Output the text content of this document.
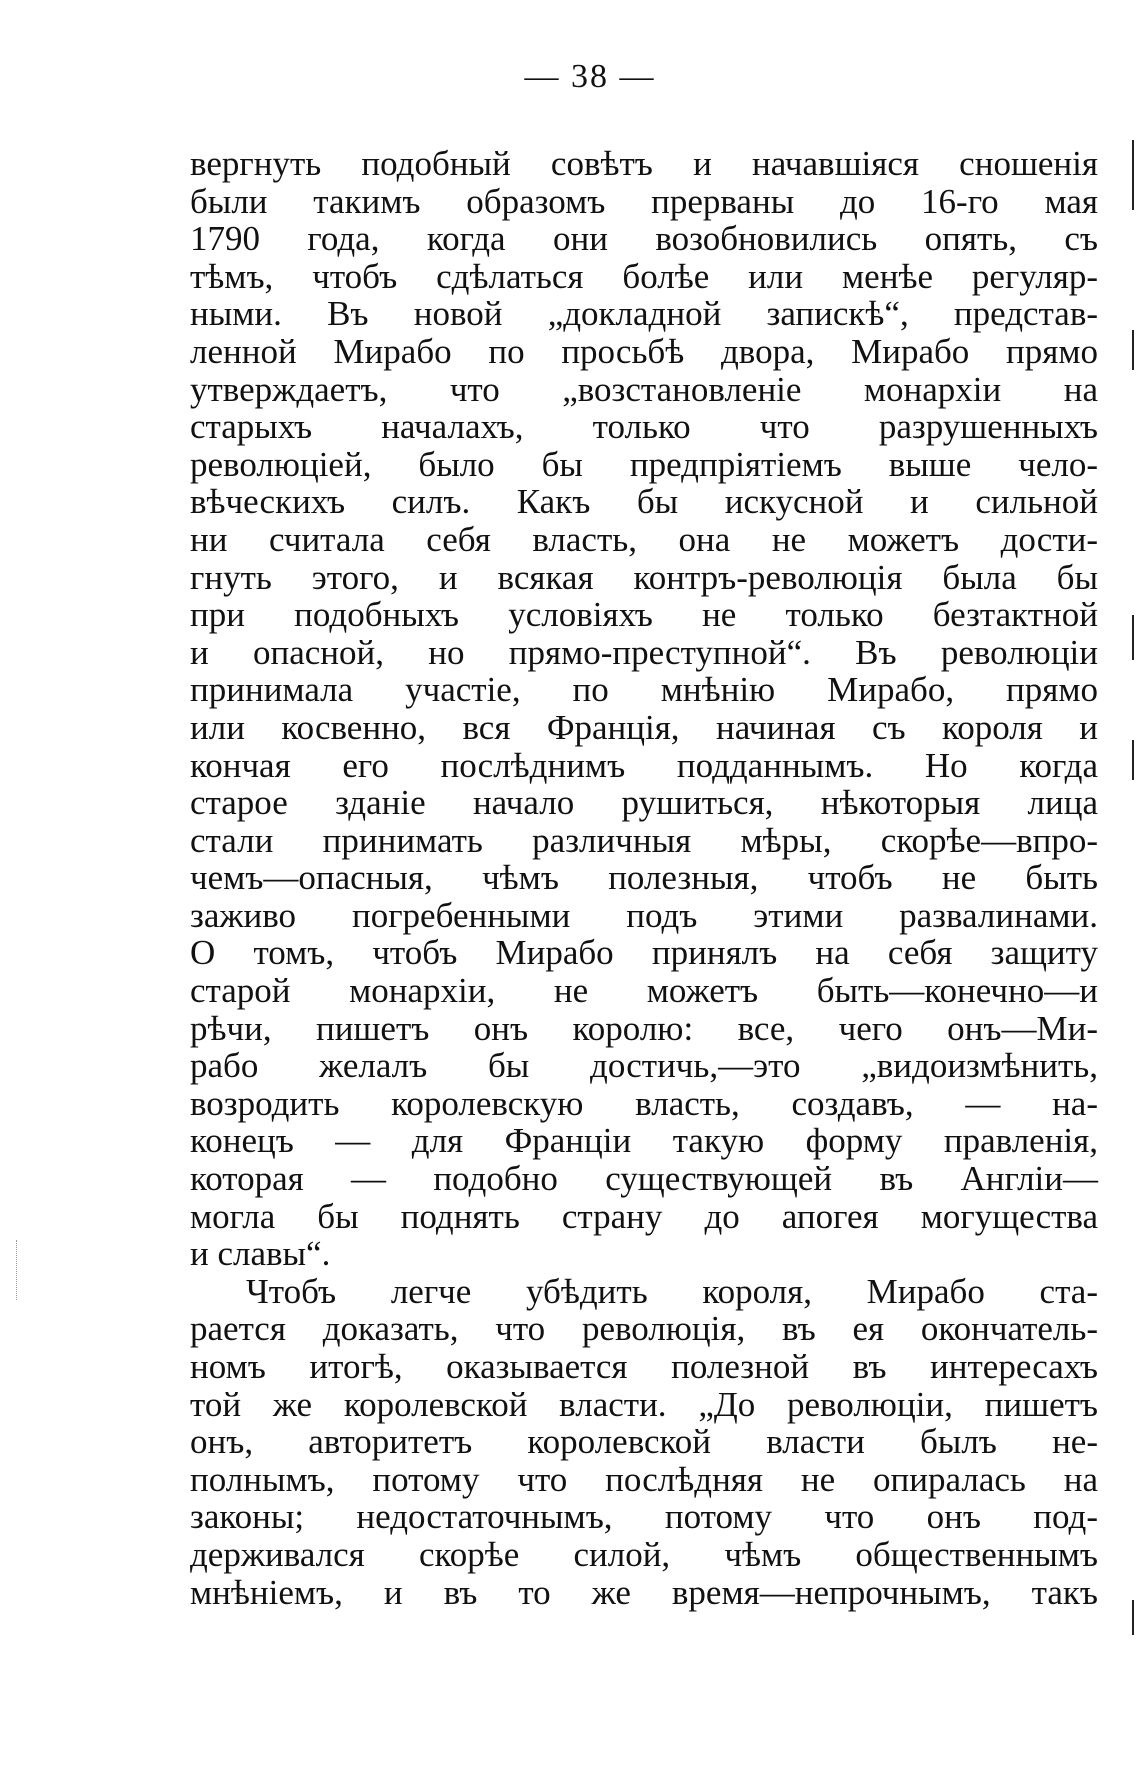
— 38 —
вергнуть подобный совѣтъ и начавшіяся сношенія
были такимъ образомъ прерваны до 16-го мая
1790 года, когда они возобновились опять, съ
тѣмъ, чтобъ сдѣлаться болѣе или менѣе регуляр-
ными. Въ новой „докладной запискѣ“, представ-
ленной Мирабо по просьбѣ двора, Мирабо прямо
утверждаетъ, что „возстановленіе монархіи на
старыхъ началахъ, только что разрушенныхъ
революціей, было бы предпріятіемъ выше чело-
вѣческихъ силъ. Какъ бы искусной и сильной
ни считала себя власть, она не можетъ дости-
гнуть этого, и всякая контръ-революція была бы
при подобныхъ условіяхъ не только безтактной
и опасной, но прямо-преступной“. Въ революціи
принимала участіе, по мнѣнію Мирабо, прямо
или косвенно, вся Франція, начиная съ короля и
кончая его послѣднимъ подданнымъ. Но когда
старое зданіе начало рушиться, нѣкоторыя лица
стали принимать различныя мѣры, скорѣе—впро-
чемъ—опасныя, чѣмъ полезныя, чтобъ не быть
заживо погребенными подъ этими развалинами.
О томъ, чтобъ Мирабо принялъ на себя защиту
старой монархіи, не можетъ быть—конечно—и
рѣчи, пишетъ онъ королю: все, чего онъ—Ми-
рабо желалъ бы достичь,—это „видоизмѣнить,
возродить королевскую власть, создавъ, — на-
конецъ — для Франціи такую форму правленія,
которая — подобно существующей въ Англіи—
могла бы поднять страну до апогея могущества
и славы“.
Чтобъ легче убѣдить короля, Мирабо ста-
рается доказать, что революція, въ ея окончатель-
номъ итогѣ, оказывается полезной въ интересахъ
той же королевской власти. „До революціи, пишетъ
онъ, авторитетъ королевской власти былъ не-
полнымъ, потому что послѣдняя не опиралась на
законы; недостаточнымъ, потому что онъ под-
держивался скорѣе силой, чѣмъ общественнымъ
мнѣніемъ, и въ то же время—непрочнымъ, такъ
